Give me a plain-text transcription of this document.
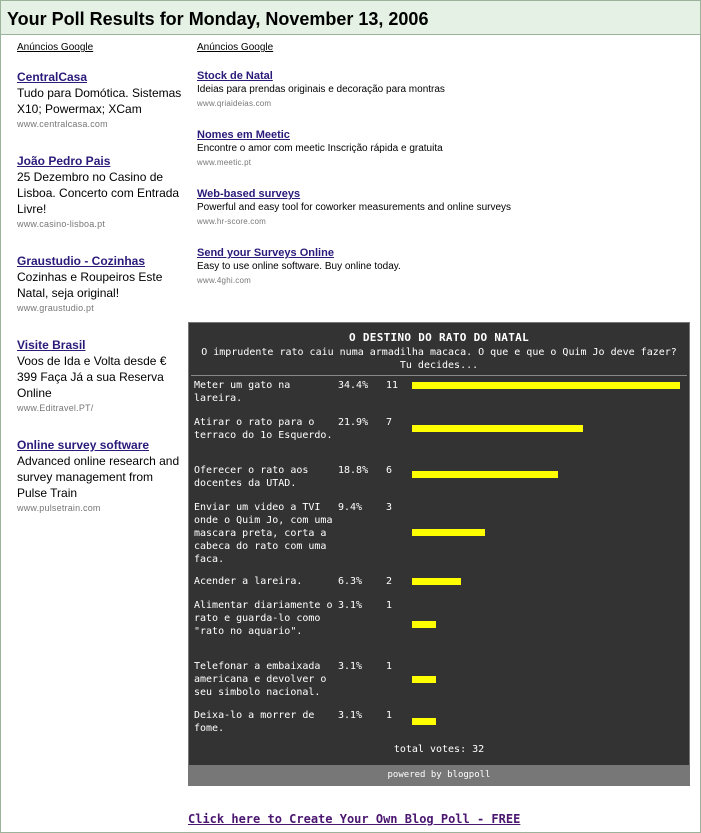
Your Poll Results for Monday, November 13, 2006
Anúncios Google
CentralCasa
Tudo para Domótica. Sistemas X10; Powermax; XCam
www.centralcasa.com
João Pedro Pais
25 Dezembro no Casino de Lisboa. Concerto com Entrada Livre!
www.casino-lisboa.pt
Graustudio - Cozinhas
Cozinhas e Roupeiros Este Natal, seja original!
www.graustudio.pt
Visite Brasil
Voos de Ida e Volta desde € 399 Faça Já a sua Reserva Online
www.Editravel.PT/
Online survey software
Advanced online research and survey management from Pulse Train
www.pulsetrain.com
Anúncios Google
Stock de Natal
Ideias para prendas originais e decoração para montras
www.qriaideias.com
Nomes em Meetic
Encontre o amor com meetic Inscrição rápida e gratuita
www.meetic.pt
Web-based surveys
Powerful and easy tool for coworker measurements and online surveys
www.hr-score.com
Send your Surveys Online
Easy to use online software. Buy online today.
www.4ghi.com
O DESTINO DO RATO DO NATAL
O imprudente rato caiu numa armadilha macaca. O que e que o Quim Jo deve fazer? Tu decides...
Meter um gato na lareira.
34.4% 11
Atirar o rato para o terraco do 1o Esquerdo.
21.9% 7
Oferecer o rato aos docentes da UTAD.
18.8% 6
Enviar um video a TVI onde o Quim Jo, com uma mascara preta, corta a cabeca do rato com uma faca.
9.4% 3
Acender a lareira.	6.3% 2
Alimentar diariamente o rato e guarda-lo como "rato no aquario".
3.1% 1
Telefonar a embaixada americana e devolver o seu simbolo nacional.
3.1% 1
Deixa-lo a morrer de fome.
3.1% 1
total votes: 32
powered by blogpoll
Click here to Create Your Own Blog Poll - FREE
